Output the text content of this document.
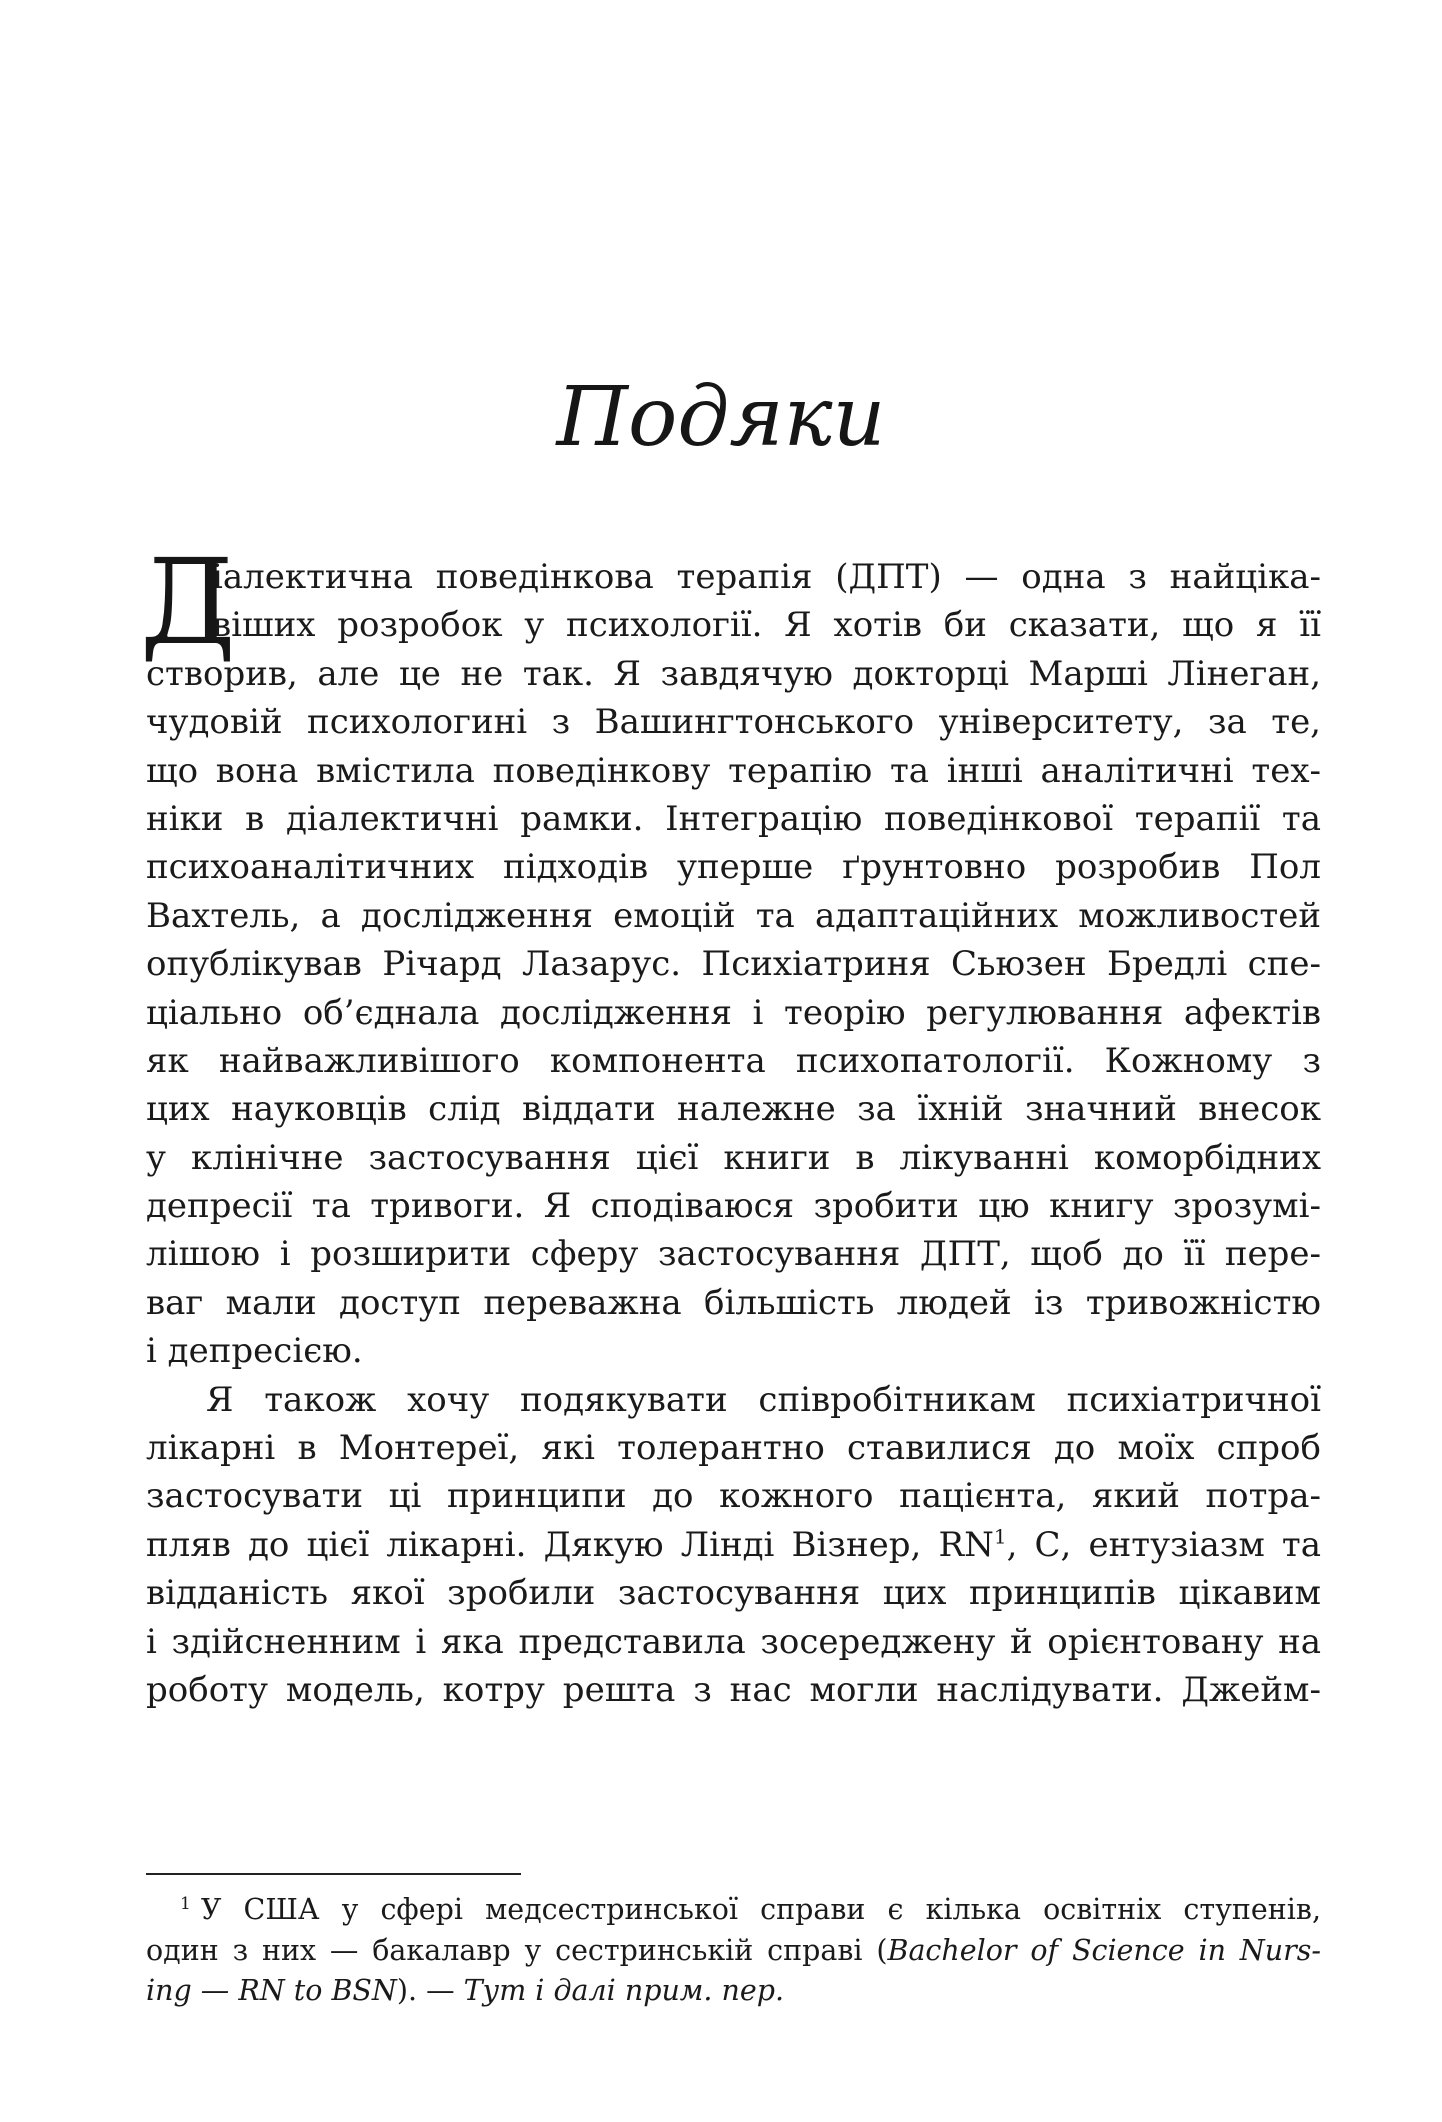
Подяки
Д
іалектична поведінкова терапія (ДПТ) — одна з найціка-
віших розробок у психології. Я хотів би сказати, що я її
створив, але це не так. Я завдячую докторці Марші Лінеган,
чудовій психологині з Вашингтонського університету, за те,
що вона вмістила поведінкову терапію та інші аналітичні тех-
ніки в діалектичні рамки. Інтеграцію поведінкової терапії та
психоаналітичних підходів уперше ґрунтовно розробив Пол
Вахтель, а дослідження емоцій та адаптаційних можливостей
опублікував Річард Лазарус. Психіатриня Сьюзен Бредлі спе-
ціально об’єднала дослідження і теорію регулювання афектів
як найважливішого компонента психопатології. Кожному з
цих науковців слід віддати належне за їхній значний внесок
у клінічне застосування цієї книги в лікуванні коморбідних
депресії та тривоги. Я сподіваюся зробити цю книгу зрозумі-
лішою і розширити сферу застосування ДПТ, щоб до її пере-
ваг мали доступ переважна більшість людей із тривожністю
і депресією.
Я також хочу подякувати співробітникам психіатричної
лікарні в Монтереї, які толерантно ставилися до моїх спроб
застосувати ці принципи до кожного пацієнта, який потра-
пляв до цієї лікарні. Дякую Лінді Візнер, $RN^1$, С, ентузіазм та
відданість якої зробили застосування цих принципів цікавим
і здійсненним і яка представила зосереджену й орієнтовану на
роботу модель, котру решта з нас могли наслідувати. Джейм-
$^1$ У США у сфері медсестринської справи є кілька освітніх ступенів,
один з них — бакалавр у сестринській справі (Bachelor of Science in Nurs-
ing — RN to BSN). — Тут і далі прим. пер.
